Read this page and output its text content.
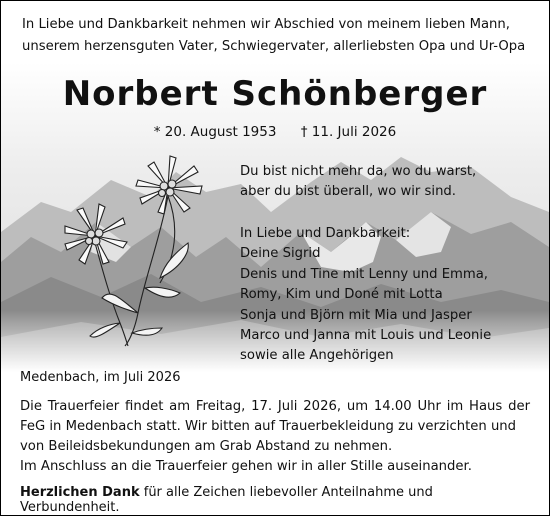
In Liebe und Dankbarkeit nehmen wir Abschied von meinem lieben Mann,
unserem herzensguten Vater, Schwiegervater, allerliebsten Opa und Ur-Opa
Norbert Schönberger
* 20. August 1953 † 11. Juli 2026
Du bist nicht mehr da, wo du warst,
aber du bist überall, wo wir sind.
In Liebe und Dankbarkeit:
Deine Sigrid
Denis und Tine mit Lenny und Emma,
Romy, Kim und Doné mit Lotta
Sonja und Björn mit Mia und Jasper
Marco und Janna mit Louis und Leonie
sowie alle Angehörigen
Medenbach, im Juli 2026
Die Trauerfeier findet am Freitag, 17. Juli 2026, um 14.00 Uhr im Haus der
FeG in Medenbach statt. Wir bitten auf Trauerbekleidung zu verzichten und
von Beileidsbekundungen am Grab Abstand zu nehmen.
Im Anschluss an die Trauerfeier gehen wir in aller Stille auseinander.
Herzlichen Dank für alle Zeichen liebevoller Anteilnahme und Verbundenheit.
